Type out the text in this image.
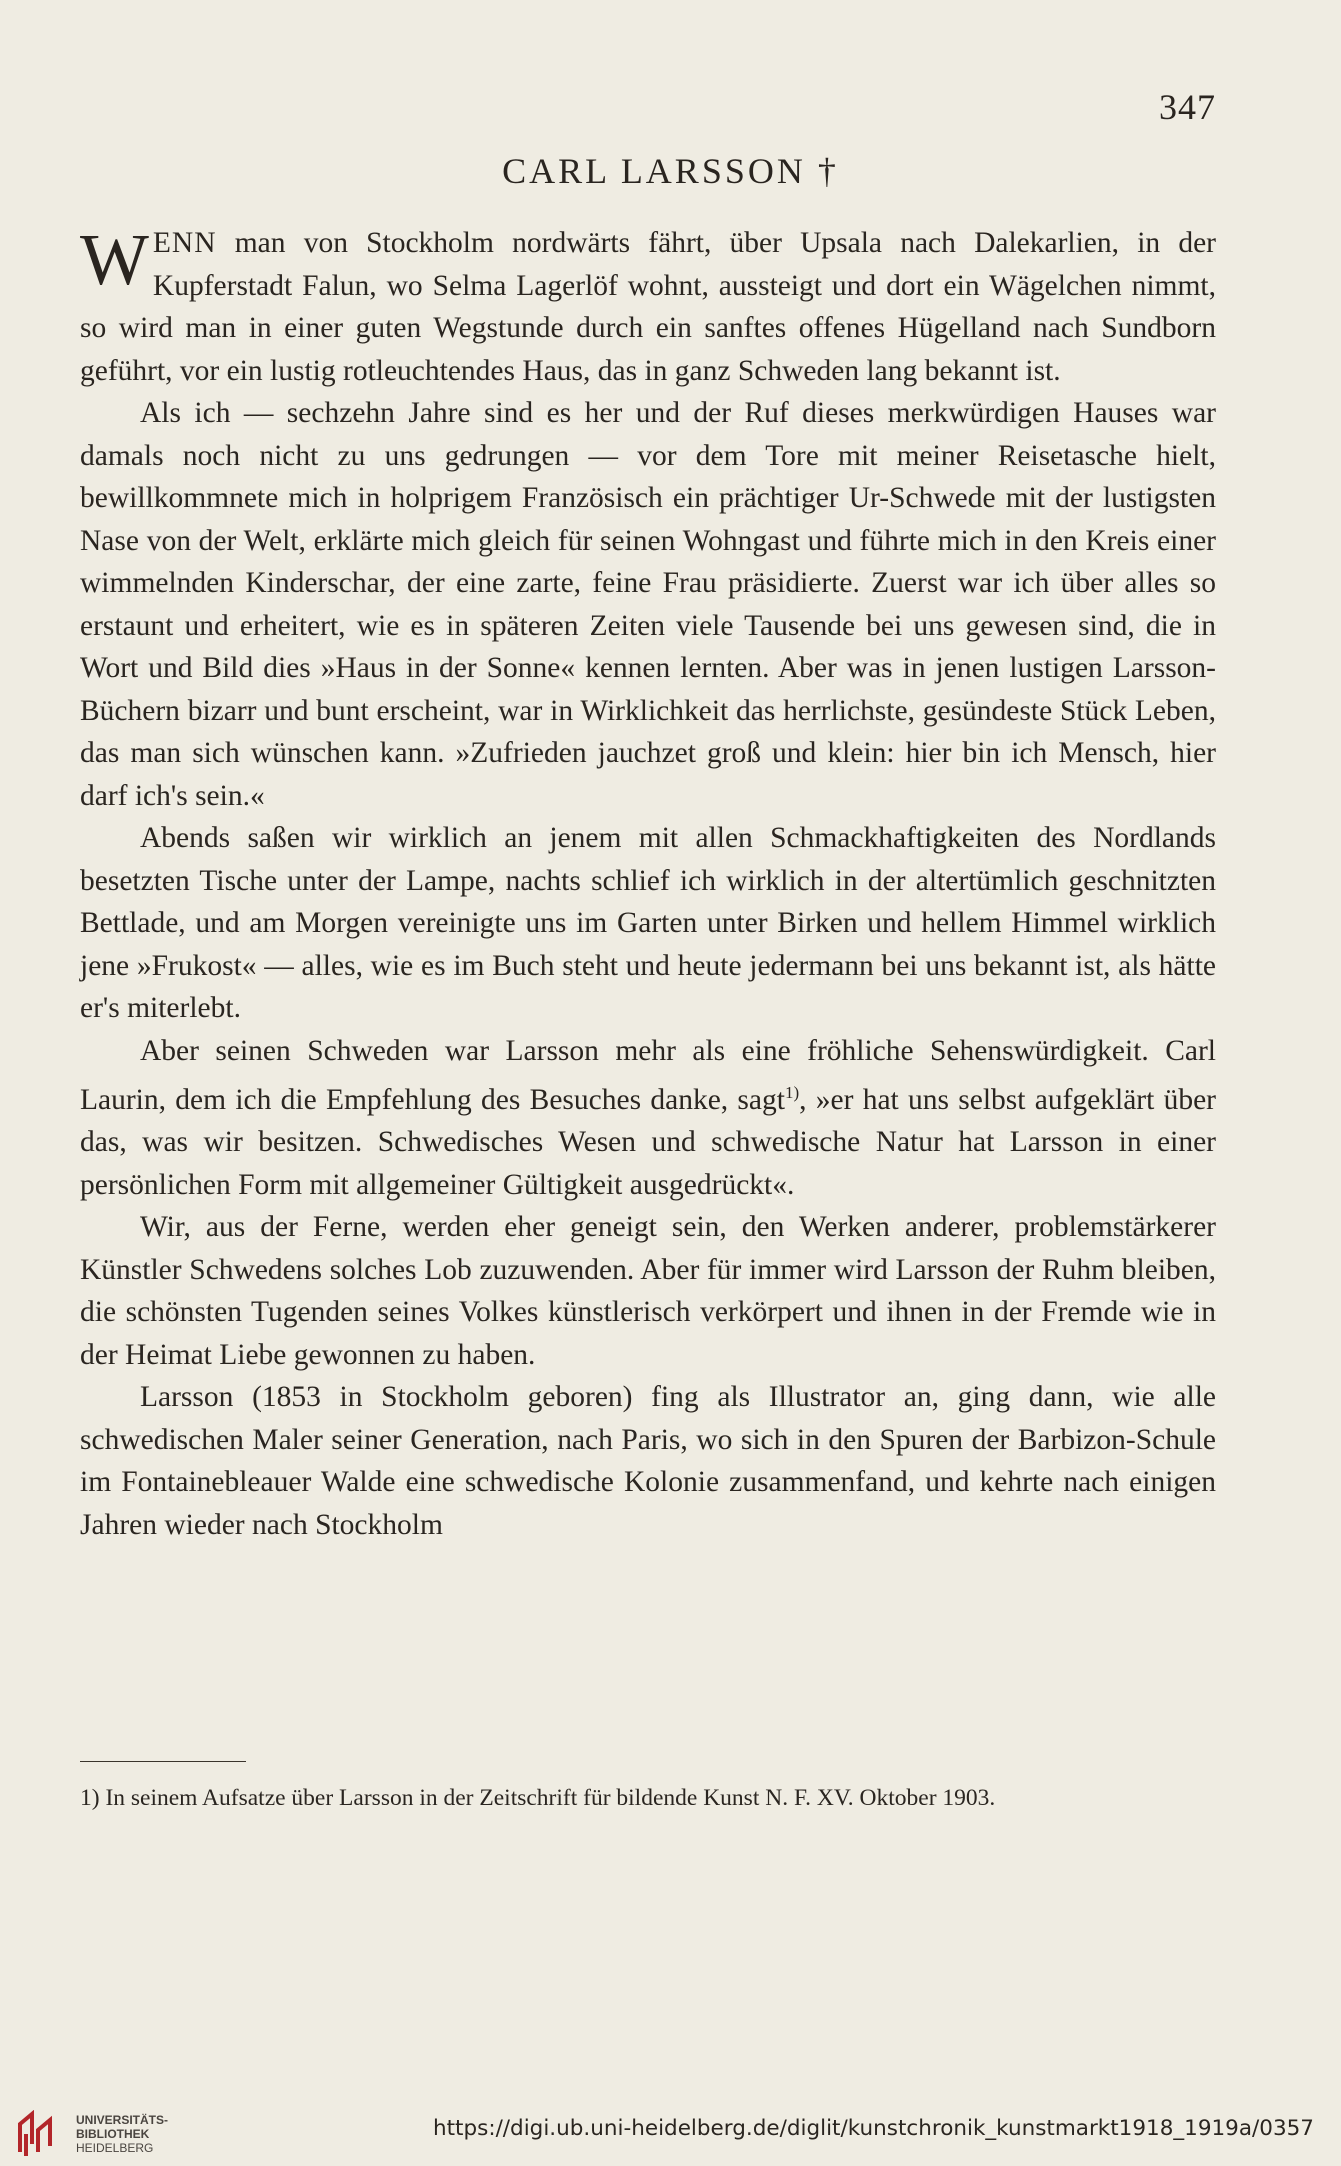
347
CARL LARSSON †

WENN man von Stockholm nordwärts fährt, über Upsala nach Dalekarlien, in der Kupferstadt Falun, wo Selma Lagerlöf wohnt, aussteigt und dort ein Wägelchen nimmt, so wird man in einer guten Wegstunde durch ein sanftes offenes Hügelland nach Sundborn geführt, vor ein lustig rotleuchtendes Haus, das in ganz Schweden lang bekannt ist.

Als ich — sechzehn Jahre sind es her und der Ruf dieses merkwürdigen Hauses war damals noch nicht zu uns gedrungen — vor dem Tore mit meiner Reisetasche hielt, bewillkommnete mich in holprigem Französisch ein prächtiger Ur-Schwede mit der lustigsten Nase von der Welt, erklärte mich gleich für seinen Wohngast und führte mich in den Kreis einer wimmelnden Kinderschar, der eine zarte, feine Frau präsidierte. Zuerst war ich über alles so erstaunt und erheitert, wie es in späteren Zeiten viele Tausende bei uns gewesen sind, die in Wort und Bild dies »Haus in der Sonne« kennen lernten. Aber was in jenen lustigen Larsson-Büchern bizarr und bunt erscheint, war in Wirklichkeit das herrlichste, gesündeste Stück Leben, das man sich wünschen kann. »Zufrieden jauchzet groß und klein: hier bin ich Mensch, hier darf ich's sein.«

Abends saßen wir wirklich an jenem mit allen Schmackhaftigkeiten des Nordlands besetzten Tische unter der Lampe, nachts schlief ich wirklich in der altertümlich geschnitzten Bettlade, und am Morgen vereinigte uns im Garten unter Birken und hellem Himmel wirklich jene »Frukost« — alles, wie es im Buch steht und heute jedermann bei uns bekannt ist, als hätte er's miterlebt.

Aber seinen Schweden war Larsson mehr als eine fröhliche Sehenswürdigkeit. Carl Laurin, dem ich die Empfehlung des Besuches danke, sagt$^{1)}$, »er hat uns selbst aufgeklärt über das, was wir besitzen. Schwedisches Wesen und schwedische Natur hat Larsson in einer persönlichen Form mit allgemeiner Gültigkeit ausgedrückt«.

Wir, aus der Ferne, werden eher geneigt sein, den Werken anderer, problemstärkerer Künstler Schwedens solches Lob zuzuwenden. Aber für immer wird Larsson der Ruhm bleiben, die schönsten Tugenden seines Volkes künstlerisch verkörpert und ihnen in der Fremde wie in der Heimat Liebe gewonnen zu haben.

Larsson (1853 in Stockholm geboren) fing als Illustrator an, ging dann, wie alle schwedischen Maler seiner Generation, nach Paris, wo sich in den Spuren der Barbizon-Schule im Fontainebleauer Walde eine schwedische Kolonie zusammenfand, und kehrte nach einigen Jahren wieder nach Stockholm

1) In seinem Aufsatze über Larsson in der Zeitschrift für bildende Kunst N. F. XV. Oktober 1903.
UNIVERSITÄTS-
BIBLIOTHEK
HEIDELBERG
https://digi.ub.uni-heidelberg.de/diglit/kunstchronik_kunstmarkt1918_1919a/0357
